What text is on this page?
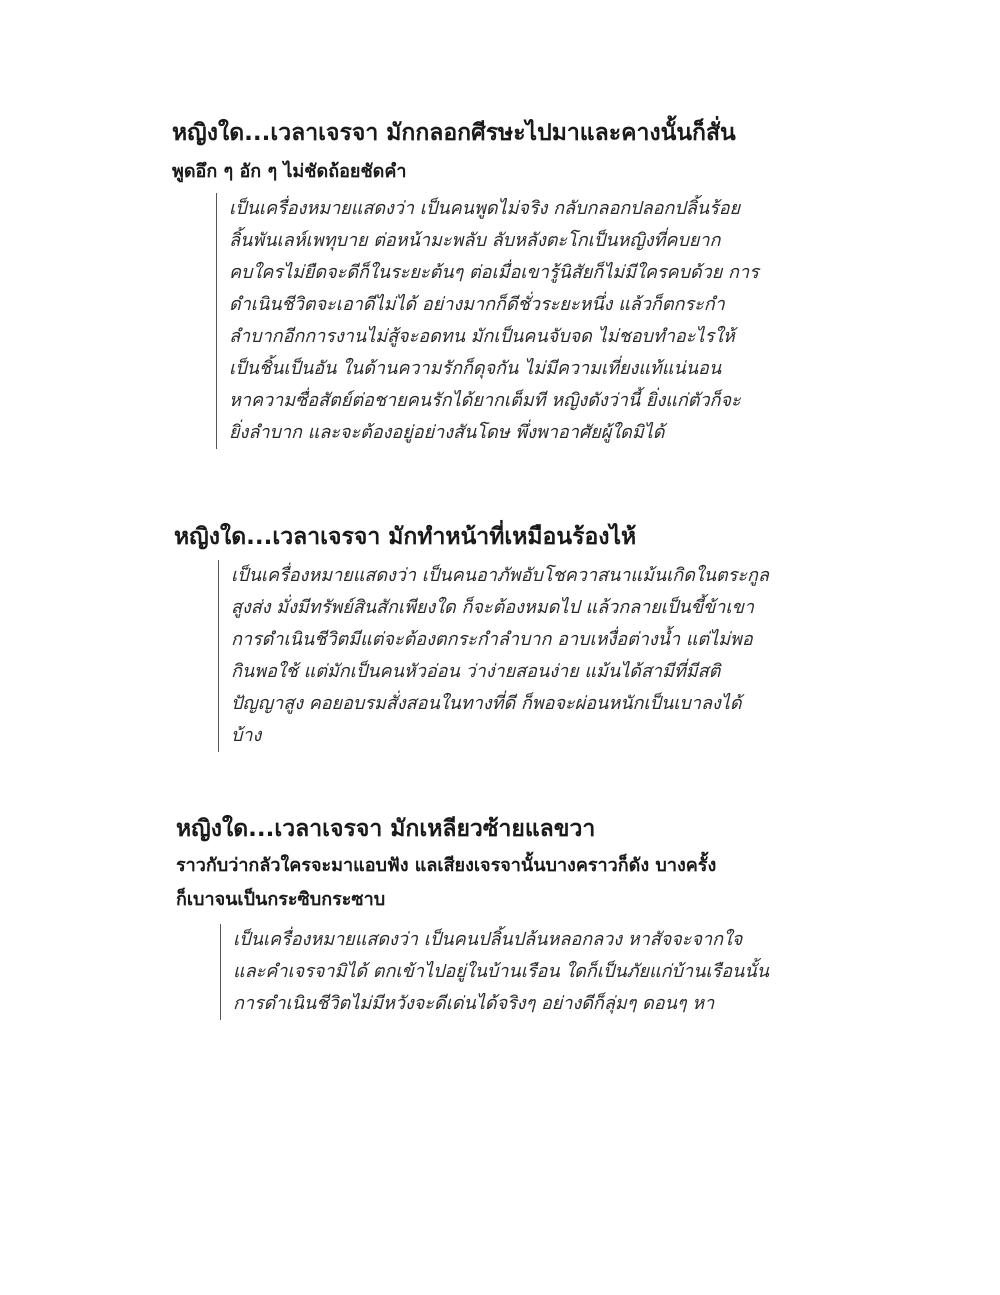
หญิงใด...เวลาเจรจา มักกลอกศีรษะไปมาและคางนั้นก็สั่น
พูดอึก ๆ อัก ๆ ไม่ชัดถ้อยชัดคำ
เป็นเครื่องหมายแสดงว่า เป็นคนพูดไม่จริง กลับกลอกปลอกปลิ้นร้อย
ลิ้นพันเลห์เพทุบาย ต่อหน้ามะพลับ ลับหลังตะโกเป็นหญิงที่คบยาก
คบใครไม่ยืดจะดีก็ในระยะต้นๆ ต่อเมื่อเขารู้นิสัยก็ไม่มีใครคบด้วย การ
ดำเนินชีวิตจะเอาดีไม่ได้ อย่างมากก็ดีชั่วระยะหนึ่ง แล้วก็ตกระกำ
ลำบากอีกการงานไม่สู้จะอดทน มักเป็นคนจับจด ไม่ชอบทำอะไรให้
เป็นชิ้นเป็นอัน ในด้านความรักก็ดุจกัน ไม่มีความเที่ยงแท้แน่นอน
หาความซื่อสัตย์ต่อชายคนรักได้ยากเต็มที หญิงดังว่านี้ ยิ่งแก่ตัวก็จะ
ยิ่งลำบาก และจะต้องอยู่อย่างสันโดษ พึ่งพาอาศัยผู้ใดมิได้
หญิงใด...เวลาเจรจา มักทำหน้าที่เหมือนร้องไห้
เป็นเครื่องหมายแสดงว่า เป็นคนอาภัพอับโชควาสนาแม้นเกิดในตระกูล
สูงส่ง มั่งมีทรัพย์สินสักเพียงใด ก็จะต้องหมดไป แล้วกลายเป็นขี้ข้าเขา
การดำเนินชีวิตมีแต่จะต้องตกระกำลำบาก อาบเหงื่อต่างน้ำ แต่ไม่พอ
กินพอใช้ แต่มักเป็นคนหัวอ่อน ว่าง่ายสอนง่าย แม้นได้สามีที่มีสติ
ปัญญาสูง คอยอบรมสั่งสอนในทางที่ดี ก็พอจะผ่อนหนักเป็นเบาลงได้
บ้าง
หญิงใด...เวลาเจรจา มักเหลียวซ้ายแลขวา
ราวกับว่ากลัวใครจะมาแอบฟัง แลเสียงเจรจานั้นบางคราวก็ดัง บางครั้ง
ก็เบาจนเป็นกระซิบกระซาบ
เป็นเครื่องหมายแสดงว่า เป็นคนปลิ้นปล้นหลอกลวง หาสัจจะจากใจ
และคำเจรจามิได้ ตกเข้าไปอยู่ในบ้านเรือน ใดก็เป็นภัยแก่บ้านเรือนนั้น
การดำเนินชีวิตไม่มีหวังจะดีเด่นได้จริงๆ อย่างดีก็ลุ่มๆ ดอนๆ หา
